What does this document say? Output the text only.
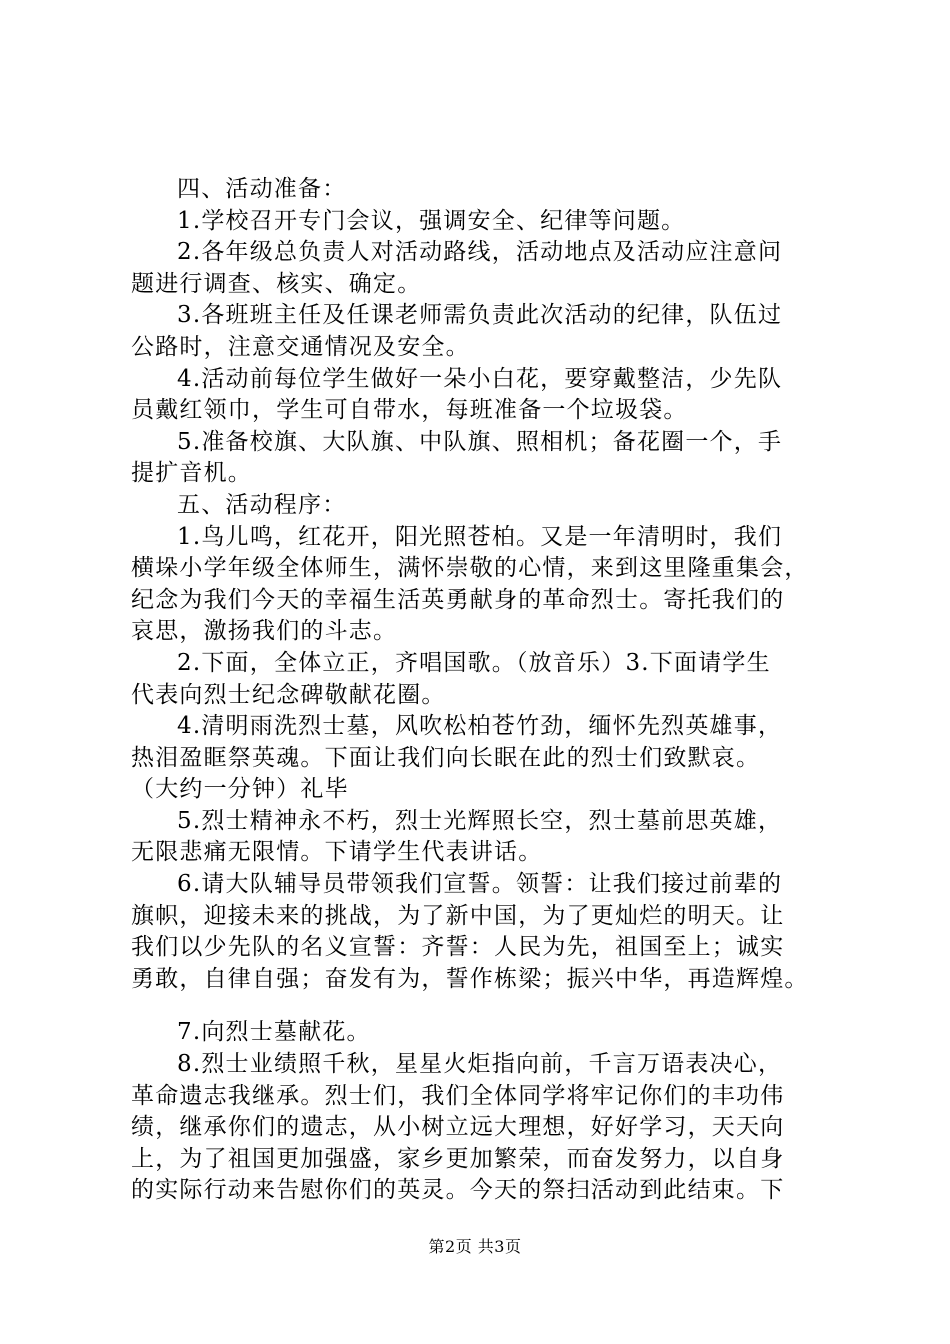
四、活动准备：
1.学校召开专门会议，强调安全、纪律等问题。
2.各年级总负责人对活动路线，活动地点及活动应注意问
题进行调查、核实、确定。
3.各班班主任及任课老师需负责此次活动的纪律，队伍过
公路时，注意交通情况及安全。
4.活动前每位学生做好一朵小白花，要穿戴整洁，少先队
员戴红领巾，学生可自带水，每班准备一个垃圾袋。
5.准备校旗、大队旗、中队旗、照相机；备花圈一个，手
提扩音机。
五、活动程序：
1.鸟儿鸣，红花开，阳光照苍柏。又是一年清明时，我们
横垛小学年级全体师生，满怀崇敬的心情，来到这里隆重集会，
纪念为我们今天的幸福生活英勇献身的革命烈士。寄托我们的
哀思，激扬我们的斗志。
2.下面，全体立正，齐唱国歌。（放音乐）3.下面请学生
代表向烈士纪念碑敬献花圈。
4.清明雨洗烈士墓，风吹松柏苍竹劲，缅怀先烈英雄事，
热泪盈眶祭英魂。下面让我们向长眠在此的烈士们致默哀。
（大约一分钟）礼毕
5.烈士精神永不朽，烈士光辉照长空，烈士墓前思英雄，
无限悲痛无限情。下请学生代表讲话。
6.请大队辅导员带领我们宣誓。领誓：让我们接过前辈的
旗帜，迎接未来的挑战，为了新中国，为了更灿烂的明天。让
我们以少先队的名义宣誓：齐誓：人民为先，祖国至上；诚实
勇敢，自律自强；奋发有为，誓作栋梁；振兴中华，再造辉煌。
7.向烈士墓献花。
8.烈士业绩照千秋，星星火炬指向前，千言万语表决心，
革命遗志我继承。烈士们，我们全体同学将牢记你们的丰功伟
绩，继承你们的遗志，从小树立远大理想，好好学习，天天向
上，为了祖国更加强盛，家乡更加繁荣，而奋发努力，以自身
的实际行动来告慰你们的英灵。今天的祭扫活动到此结束。下
第2页 共3页
